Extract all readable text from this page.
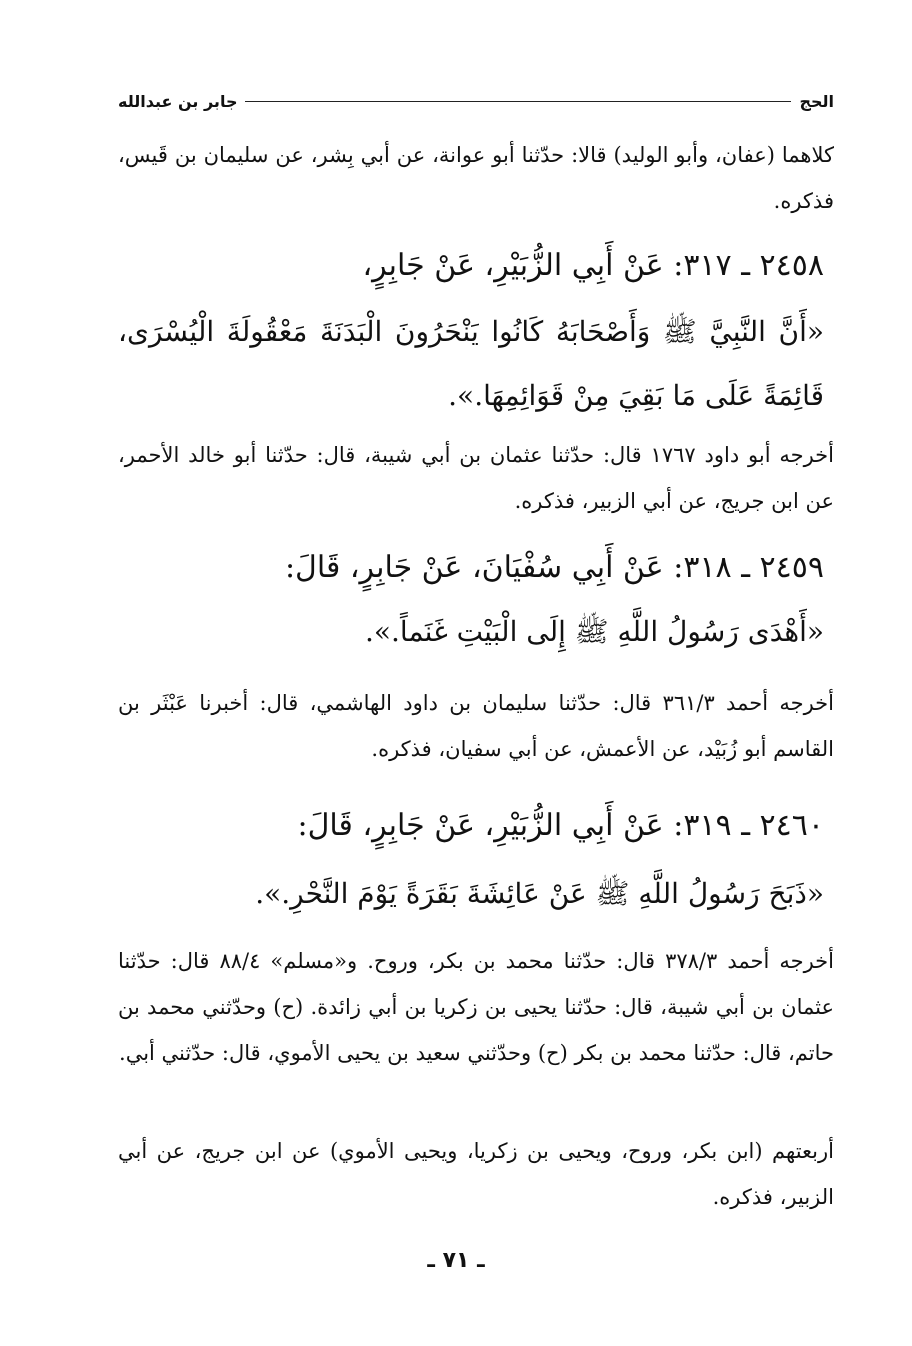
الحج
جابر بن عبدالله

كلاهما (عفان، وأبو الوليد) قالا: حدّثنا أبو عوانة، عن أبي بِشر، عن سليمان بن قَيس، فذكره.

٢٤٥٨ ـ ٣١٧: عَنْ أَبِي الزُّبَيْرِ، عَنْ جَابِرٍ،

«أَنَّ النَّبِيَّ ﷺ وَأَصْحَابَهُ كَانُوا يَنْحَرُونَ الْبَدَنَةَ مَعْقُولَةَ الْيُسْرَى، قَائِمَةً عَلَى مَا بَقِيَ مِنْ قَوَائِمِهَا.».

أخرجه أبو داود ١٧٦٧ قال: حدّثنا عثمان بن أبي شيبة، قال: حدّثنا أبو خالد الأحمر، عن ابن جريج، عن أبي الزبير، فذكره.

٢٤٥٩ ـ ٣١٨: عَنْ أَبِي سُفْيَانَ، عَنْ جَابِرٍ، قَالَ:

«أَهْدَى رَسُولُ اللَّهِ ﷺ إِلَى الْبَيْتِ غَنَماً.».

أخرجه أحمد ٣٦١/٣ قال: حدّثنا سليمان بن داود الهاشمي، قال: أخبرنا عَبْثَر بن القاسم أبو زُبَيْد، عن الأعمش، عن أبي سفيان، فذكره.

٢٤٦٠ ـ ٣١٩: عَنْ أَبِي الزُّبَيْرِ، عَنْ جَابِرٍ، قَالَ:

«ذَبَحَ رَسُولُ اللَّهِ ﷺ عَنْ عَائِشَةَ بَقَرَةً يَوْمَ النَّحْرِ.».

أخرجه أحمد ٣٧٨/٣ قال: حدّثنا محمد بن بكر، وروح. و«مسلم» ٨٨/٤ قال: حدّثنا عثمان بن أبي شيبة، قال: حدّثنا يحيى بن زكريا بن أبي زائدة. (ح) وحدّثني محمد بن حاتم، قال: حدّثنا محمد بن بكر (ح) وحدّثني سعيد بن يحيى الأموي، قال: حدّثني أبي.

أربعتهم (ابن بكر، وروح، ويحيى بن زكريا، ويحيى الأموي) عن ابن جريج، عن أبي الزبير، فذكره.

ـ ٧١ ـ
